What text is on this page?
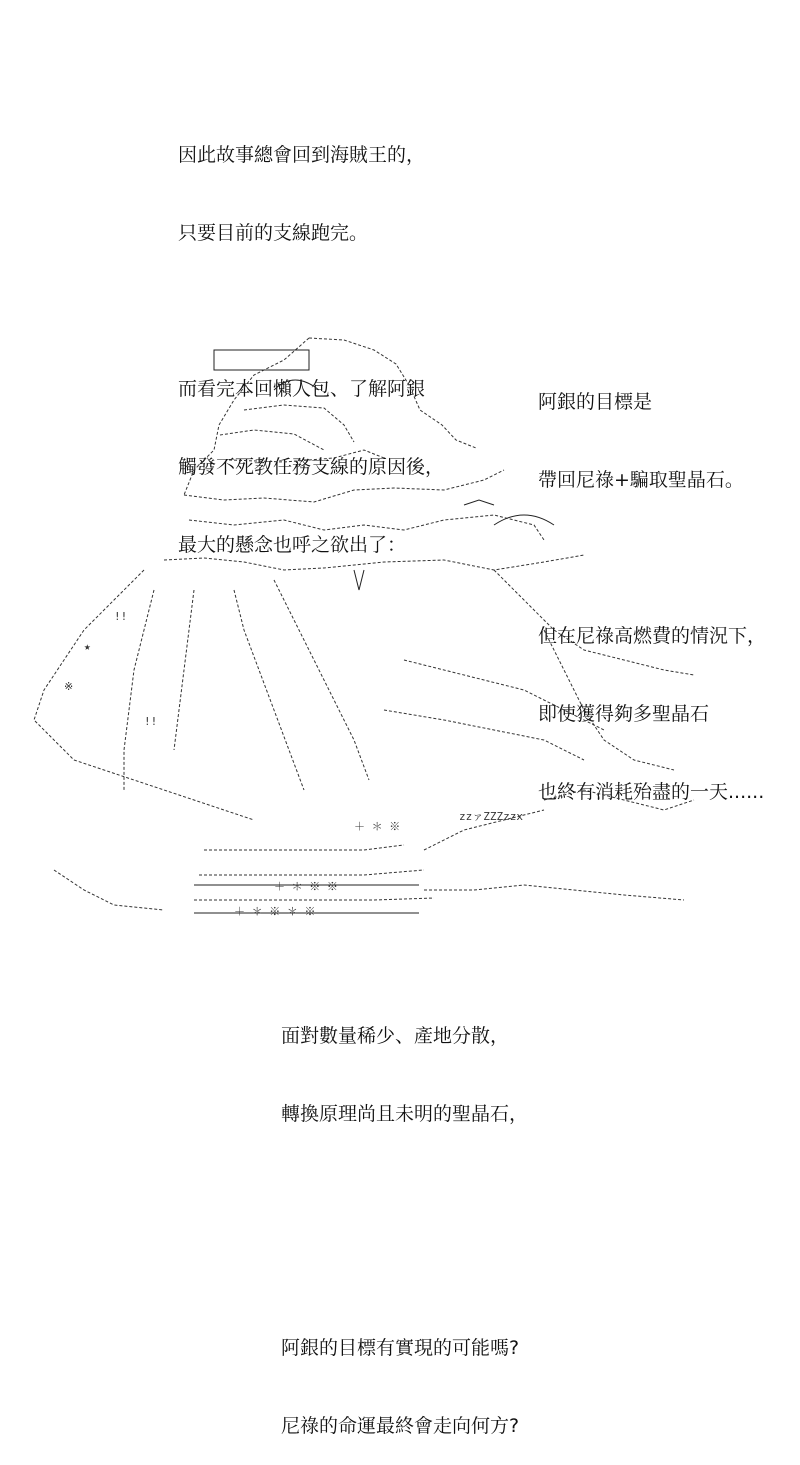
因此故事總會回到海賊王的，

只要目前的支線跑完。

而看完本回懶人包、了解阿銀

觸發不死教任務支線的原因後，

最大的懸念也呼之欲出了：

阿銀的目標是

帶回尼祿+騙取聖晶石。

但在尼祿高燃費的情況下，

即使獲得夠多聖晶石

也終有消耗殆盡的一天......

!!
★
※
!!
＋ ＊ ※ ※
＋ ＊ ※ ＊ ※
＋ ＊ ※
zzァZZZzzx

面對數量稀少、產地分散，

轉換原理尚且未明的聖晶石，

阿銀的目標有實現的可能嗎?

尼祿的命運最終會走向何方?
